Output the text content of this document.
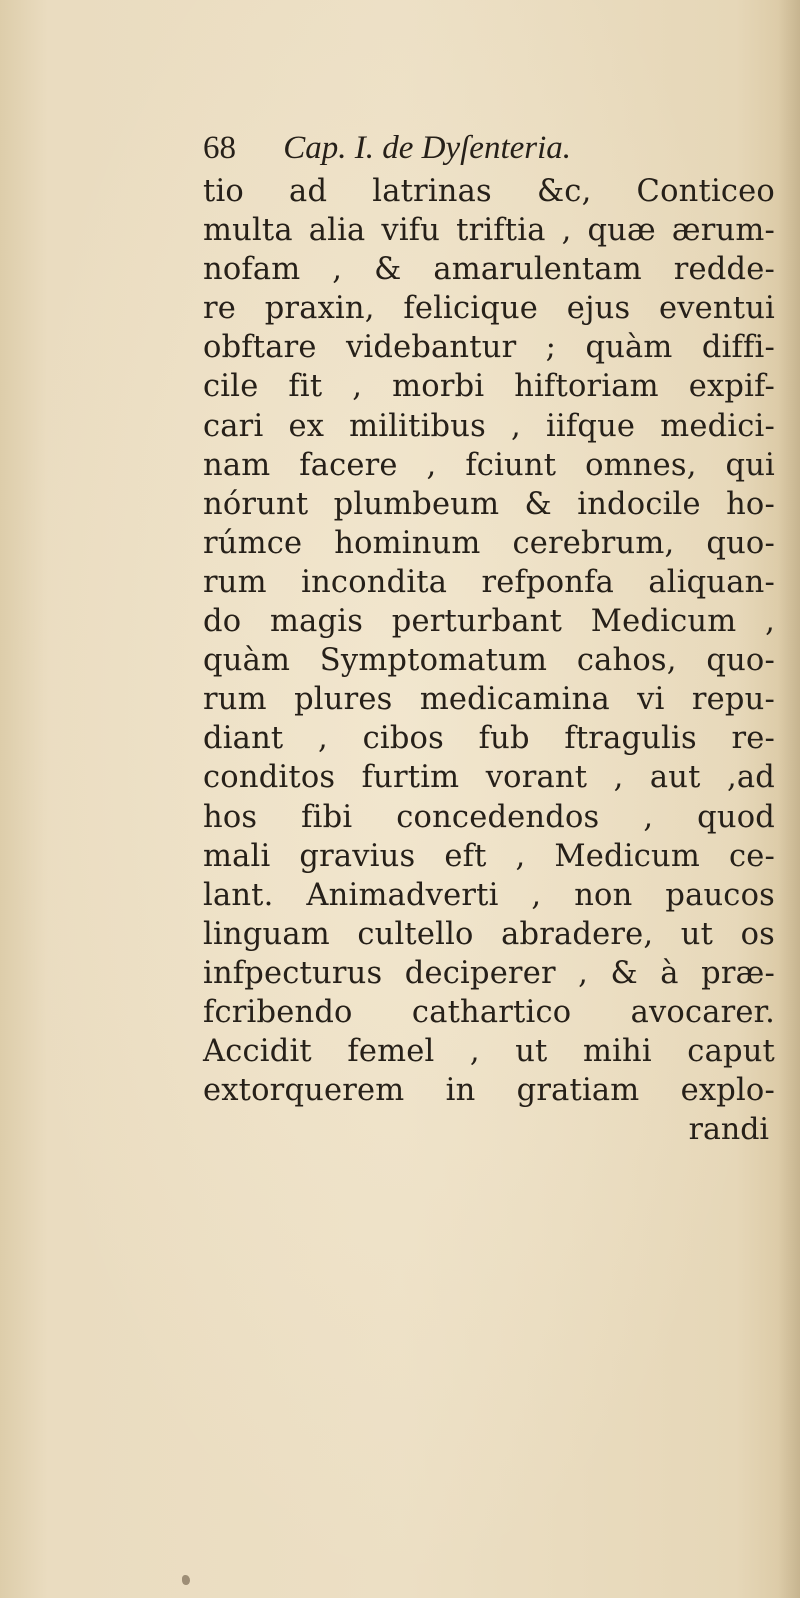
68 Cap. I. de Dyſenteria.
tio ad latrinas &c, Conticeo
multa alia vifu triftia , quæ ærum-
nofam , & amarulentam redde-
re praxin, felicique ejus eventui
obftare videbantur ; quàm diffi-
cile fit , morbi hiftoriam expif-
cari ex militibus , iifque medici-
nam facere , fciunt omnes, qui
nórunt plumbeum & indocile ho-
rúmce hominum cerebrum, quo-
rum incondita refponfa aliquan-
do magis perturbant Medicum ,
quàm Symptomatum cahos, quo-
rum plures medicamina vi repu-
diant , cibos fub ftragulis re-
conditos furtim vorant , aut ,ad
hos fibi concedendos , quod
mali gravius eft , Medicum ce-
lant. Animadverti , non paucos
linguam cultello abradere, ut os
infpecturus deciperer , & à præ-
fcribendo cathartico avocarer.
Accidit femel , ut mihi caput
extorquerem in gratiam explo-
randi
